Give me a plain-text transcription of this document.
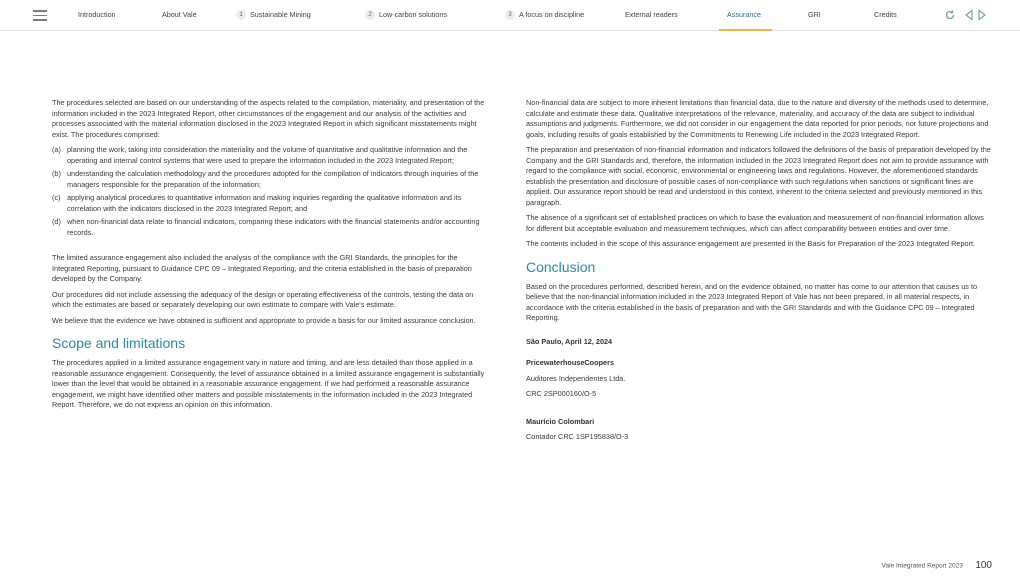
Introduction	About Vale	1 Sustainable Mining	2 Low-carbon solutions	3 A focus on discipline	External readers	Assurance	GRI	Credits

The procedures selected are based on our understanding of the aspects related to the compilation, materiality, and presentation of the information included in the 2023 Integrated Report, other circumstances of the engagement and our analysis of the activities and processes associated with the material information disclosed in the 2023 Integrated Report in which significant misstatements might exist. The procedures comprised:

(a) planning the work, taking into consideration the materiality and the volume of quantitative and qualitative information and the operating and internal control systems that were used to prepare the information included in the 2023 Integrated Report;
(b) understanding the calculation methodology and the procedures adopted for the compilation of indicators through inquiries of the managers responsible for the preparation of the information;
(c) applying analytical procedures to quantitative information and making inquiries regarding the qualitative information and its correlation with the indicators disclosed in the 2023 Integrated Report; and
(d) when non-financial data relate to financial indicators, comparing these indicators with the financial statements and/or accounting records.

The limited assurance engagement also included the analysis of the compliance with the GRI Standards, the principles for the Integrated Reporting, pursuant to Guidance CPC 09 – Integrated Reporting, and the criteria established in the basis of preparation developed by the Company.

Our procedures did not include assessing the adequacy of the design or operating effectiveness of the controls, testing the data on which the estimates are based or separately developing our own estimate to compare with Vale's estimate.

We believe that the evidence we have obtained is sufficient and appropriate to provide a basis for our limited assurance conclusion.

Scope and limitations

The procedures applied in a limited assurance engagement vary in nature and timing, and are less detailed than those applied in a reasonable assurance engagement. Consequently, the level of assurance obtained in a limited assurance engagement is substantially lower than the level that would be obtained in a reasonable assurance engagement. If we had performed a reasonable assurance engagement, we might have identified other matters and possible misstatements in the information included in the 2023 Integrated Report. Therefore, we do not express an opinion on this information.

Non-financial data are subject to more inherent limitations than financial data, due to the nature and diversity of the methods used to determine, calculate and estimate these data. Qualitative interpretations of the relevance, materiality, and accuracy of the data are subject to individual assumptions and judgments. Furthermore, we did not consider in our engagement the data reported for prior periods, nor future projections and goals, including results of goals established by the Commitments to Renewing Life included in the 2023 Integrated Report.

The preparation and presentation of non-financial information and indicators followed the definitions of the basis of preparation developed by the Company and the GRI Standards and, therefore, the information included in the 2023 Integrated Report does not aim to provide assurance with regard to the compliance with social, economic, environmental or engineering laws and regulations. However, the aforementioned standards establish the presentation and disclosure of possible cases of non-compliance with such regulations when sanctions or significant fines are applied. Our assurance report should be read and understood in this context, inherent to the criteria selected and previously mentioned in this paragraph.

The absence of a significant set of established practices on which to base the evaluation and measurement of non-financial information allows for different but acceptable evaluation and measurement techniques, which can affect comparability between entities and over time.

The contents included in the scope of this assurance engagement are presented in the Basis for Preparation of the 2023 Integrated Report.

Conclusion

Based on the procedures performed, described herein, and on the evidence obtained, no matter has come to our attention that causes us to believe that the non-financial information included in the 2023 Integrated Report of Vale has not been prepared, in all material respects, in accordance with the criteria established in the basis of preparation and with the GRI Standards and with the Guidance CPC 09 – Integrated Reporting.

São Paulo, April 12, 2024

PricewaterhouseCoopers

Auditores Independentes Ltda.

CRC 2SP000160/O-5

Maurício Colombari

Contador CRC 1SP195838/O-3

Vale Integrated Report 2023 100
